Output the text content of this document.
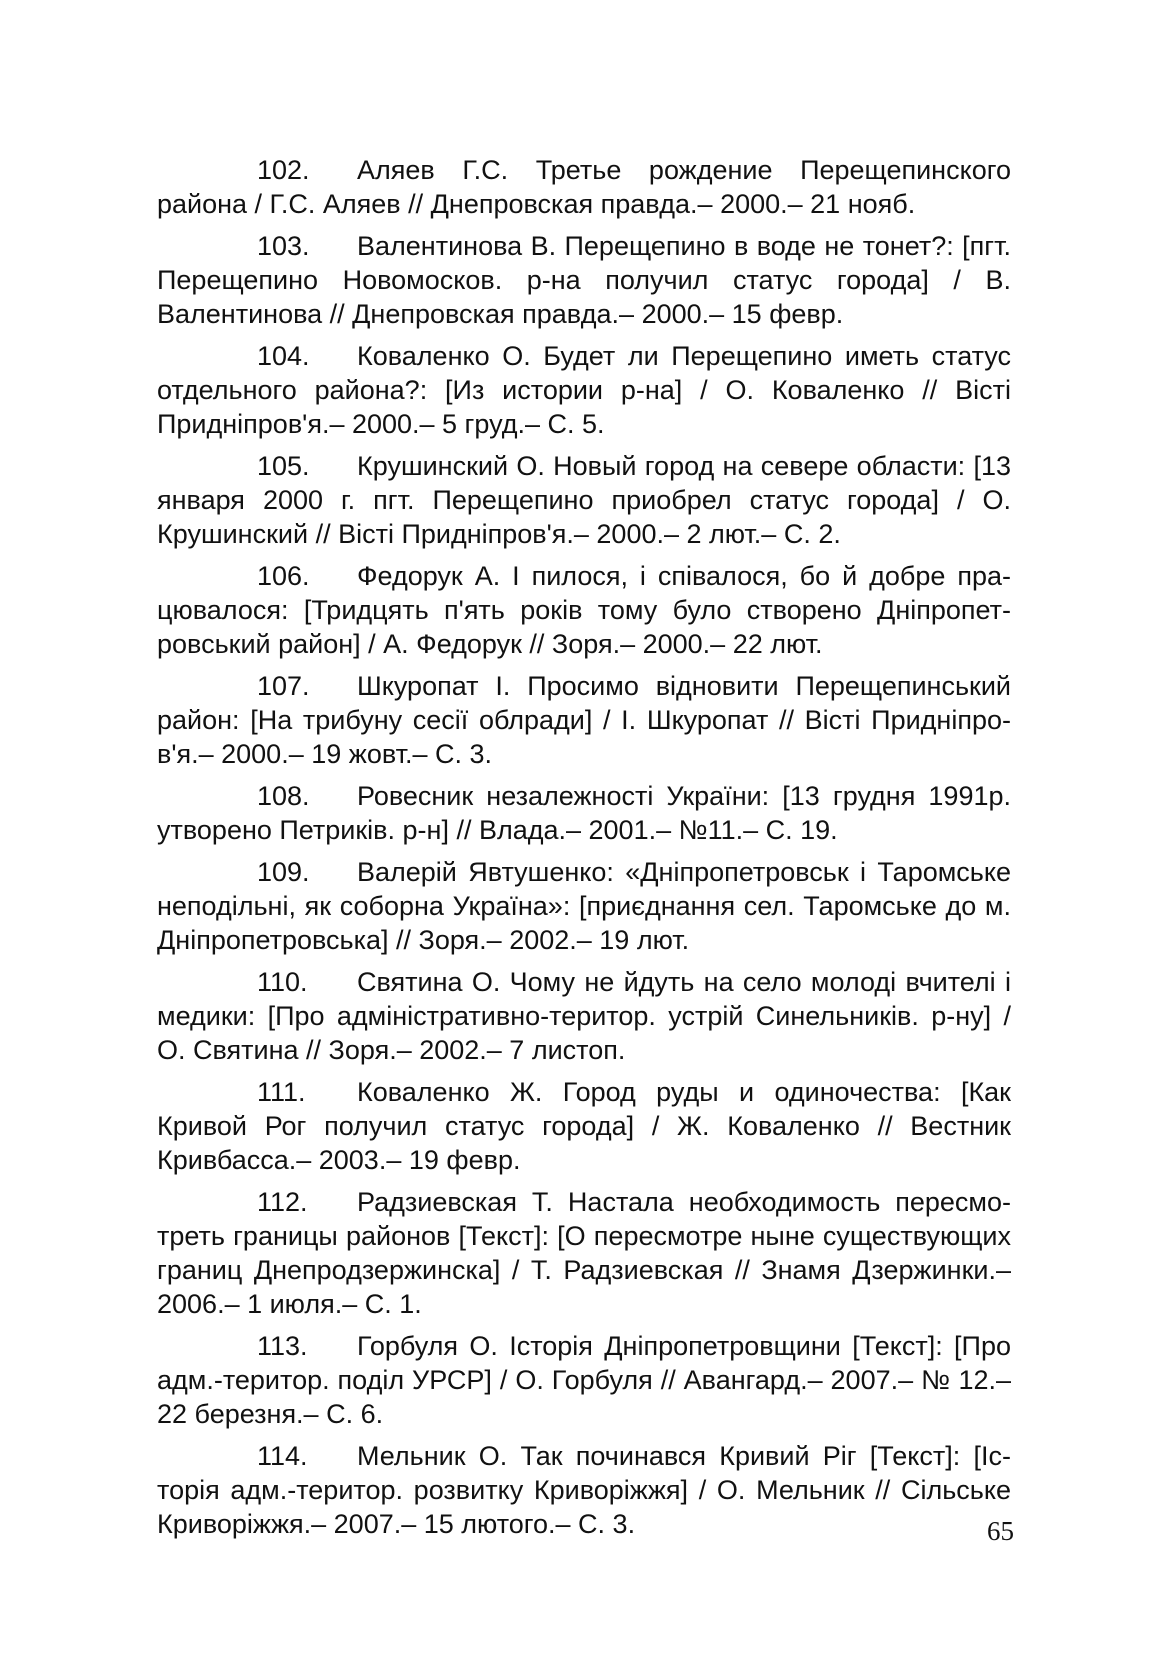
102. Аляев Г.С. Третье рождение Перещепинского района / Г.С. Аляев // Днепровская правда.– 2000.– 21 нояб.

103. Валентинова В. Перещепино в воде не тонет?: [пгт. Перещепино Новомосков. р-на получил статус города] / В. Валентинова // Днепровская правда.– 2000.– 15 февр.

104. Коваленко О. Будет ли Перещепино иметь статус отдельного района?: [Из истории р-на] / О. Коваленко // Вісті Придніпров'я.– 2000.– 5 груд.– С. 5.

105. Крушинский О. Новый город на севере области: [13 января 2000 г. пгт. Перещепино приобрел статус города] / О. Крушинский // Вісті Придніпров'я.– 2000.– 2 лют.– С. 2.

106. Федорук А. І пилося, і співалося, бо й добре працювалося: [Тридцять п'ять років тому було створено Дніпропетровський район] / А. Федорук // Зоря.– 2000.– 22 лют.

107. Шкуропат І. Просимо відновити Перещепинський район: [На трибуну сесії облради] / І. Шкуропат // Вісті Придніпров'я.– 2000.– 19 жовт.– С. 3.

108. Ровесник незалежності України: [13 грудня 1991р. утворено Петриків. р-н] // Влада.– 2001.– №11.– С. 19.

109. Валерій Явтушенко: «Дніпропетровськ і Таромське неподільні, як соборна Україна»: [приєднання сел. Таромське до м. Дніпропетровська] // Зоря.– 2002.– 19 лют.

110. Святина О. Чому не йдуть на село молоді вчителі і медики: [Про адміністративно-територ. устрій Синельників. р-ну] / О. Святина // Зоря.– 2002.– 7 листоп.

111. Коваленко Ж. Город руды и одиночества: [Как Кривой Рог получил статус города] / Ж. Коваленко // Вестник Кривбасса.– 2003.– 19 февр.

112. Радзиевская Т. Настала необходимость пересмотреть границы районов [Текст]: [О пересмотре ныне существующих границ Днепродзержинска] / Т. Радзиевская // Знамя Дзержинки.– 2006.– 1 июля.– С. 1.

113. Горбуля О. Історія Дніпропетровщини [Текст]: [Про адм.-територ. поділ УРСР] / О. Горбуля // Авангард.– 2007.– № 12.– 22 березня.– С. 6.

114. Мельник О. Так починався Кривий Ріг [Текст]: [Історія адм.-територ. розвитку Криворіжжя] / О. Мельник // Сільське Криворіжжя.– 2007.– 15 лютого.– С. 3.	65
